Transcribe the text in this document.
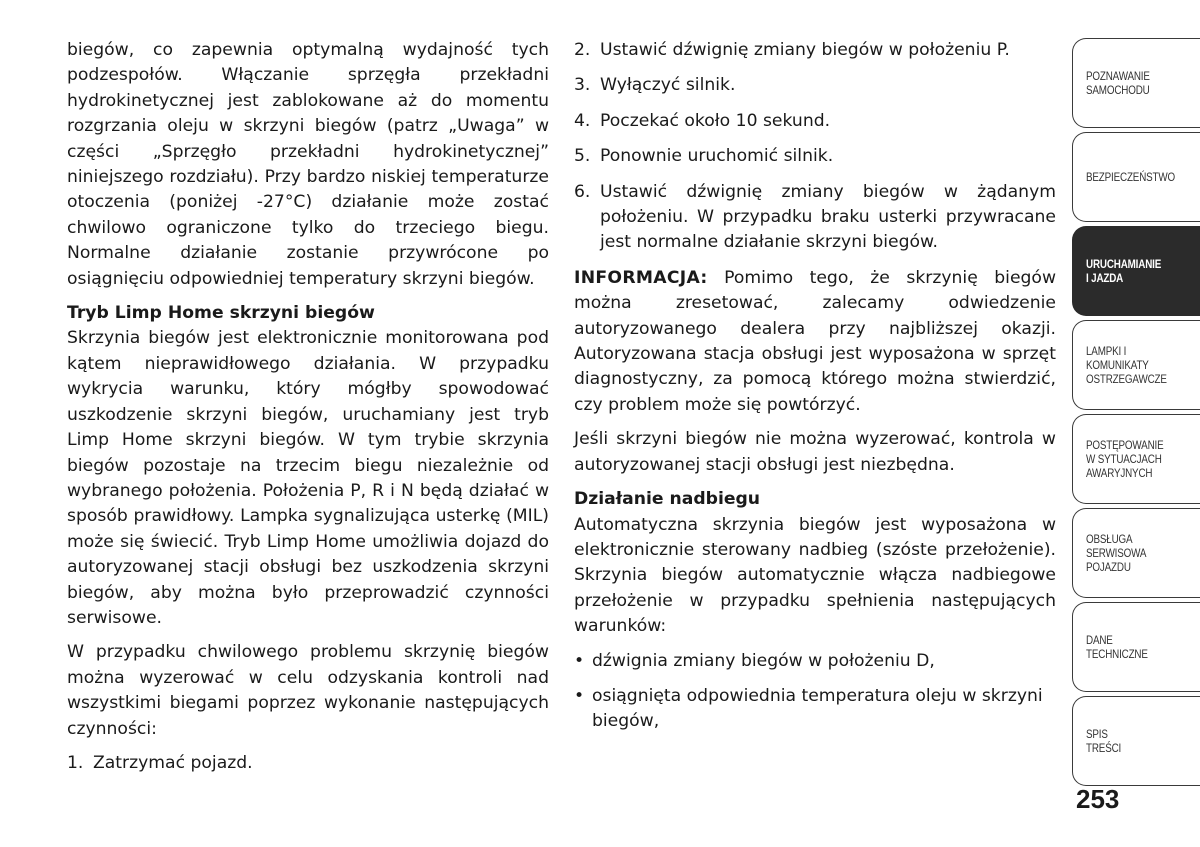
biegów, co zapewnia optymalną wydajność tych podzespołów. Włączanie sprzęgła przekładni hydrokinetycznej jest zablokowane aż do momentu rozgrzania oleju w skrzyni biegów (patrz „Uwaga” w części „Sprzęgło przekładni hydrokinetycznej” niniejszego rozdziału). Przy bardzo niskiej temperaturze otoczenia (poniżej -27°C) działanie może zostać chwilowo ograniczone tylko do trzeciego biegu. Normalne działanie zostanie przywrócone po osiągnięciu odpowiedniej temperatury skrzyni biegów.

Tryb Limp Home skrzyni biegów

Skrzynia biegów jest elektronicznie monitorowana pod kątem nieprawidłowego działania. W przypadku wykrycia warunku, który mógłby spowodować uszkodzenie skrzyni biegów, uruchamiany jest tryb Limp Home skrzyni biegów. W tym trybie skrzynia biegów pozostaje na trzecim biegu niezależnie od wybranego położenia. Położenia P, R i N będą działać w sposób prawidłowy. Lampka sygnalizująca usterkę (MIL) może się świecić. Tryb Limp Home umożliwia dojazd do autoryzowanej stacji obsługi bez uszkodzenia skrzyni biegów, aby można było przeprowadzić czynności serwisowe.

W przypadku chwilowego problemu skrzynię biegów można wyzerować w celu odzyskania kontroli nad wszystkimi biegami poprzez wykonanie następujących czynności:

1. Zatrzymać pojazd.
2. Ustawić dźwignię zmiany biegów w położeniu P.
3. Wyłączyć silnik.
4. Poczekać około 10 sekund.
5. Ponownie uruchomić silnik.
6. Ustawić dźwignię zmiany biegów w żądanym położeniu. W przypadku braku usterki przywracane jest normalne działanie skrzyni biegów.

INFORMACJA: Pomimo tego, że skrzynię biegów można zresetować, zalecamy odwiedzenie autoryzowanego dealera przy najbliższej okazji. Autoryzowana stacja obsługi jest wyposażona w sprzęt diagnostyczny, za pomocą którego można stwierdzić, czy problem może się powtórzyć.

Jeśli skrzyni biegów nie można wyzerować, kontrola w autoryzowanej stacji obsługi jest niezbędna.

Działanie nadbiegu

Automatyczna skrzynia biegów jest wyposażona w elektronicznie sterowany nadbieg (szóste przełożenie). Skrzynia biegów automatycznie włącza nadbiegowe przełożenie w przypadku spełnienia następujących warunków:

• dźwignia zmiany biegów w położeniu D,
• osiągnięta odpowiednia temperatura oleju w skrzyni biegów,
POZNAWANIE
SAMOCHODU
BEZPIECZEŃSTWO
URUCHAMIANIE
I JAZDA
LAMPKI I
KOMUNIKATY
OSTRZEGAWCZE
POSTĘPOWANIE
W SYTUACJACH
AWARYJNYCH
OBSŁUGA
SERWISOWA
POJAZDU
DANE
TECHNICZNE
SPIS
TREŚCI
253
